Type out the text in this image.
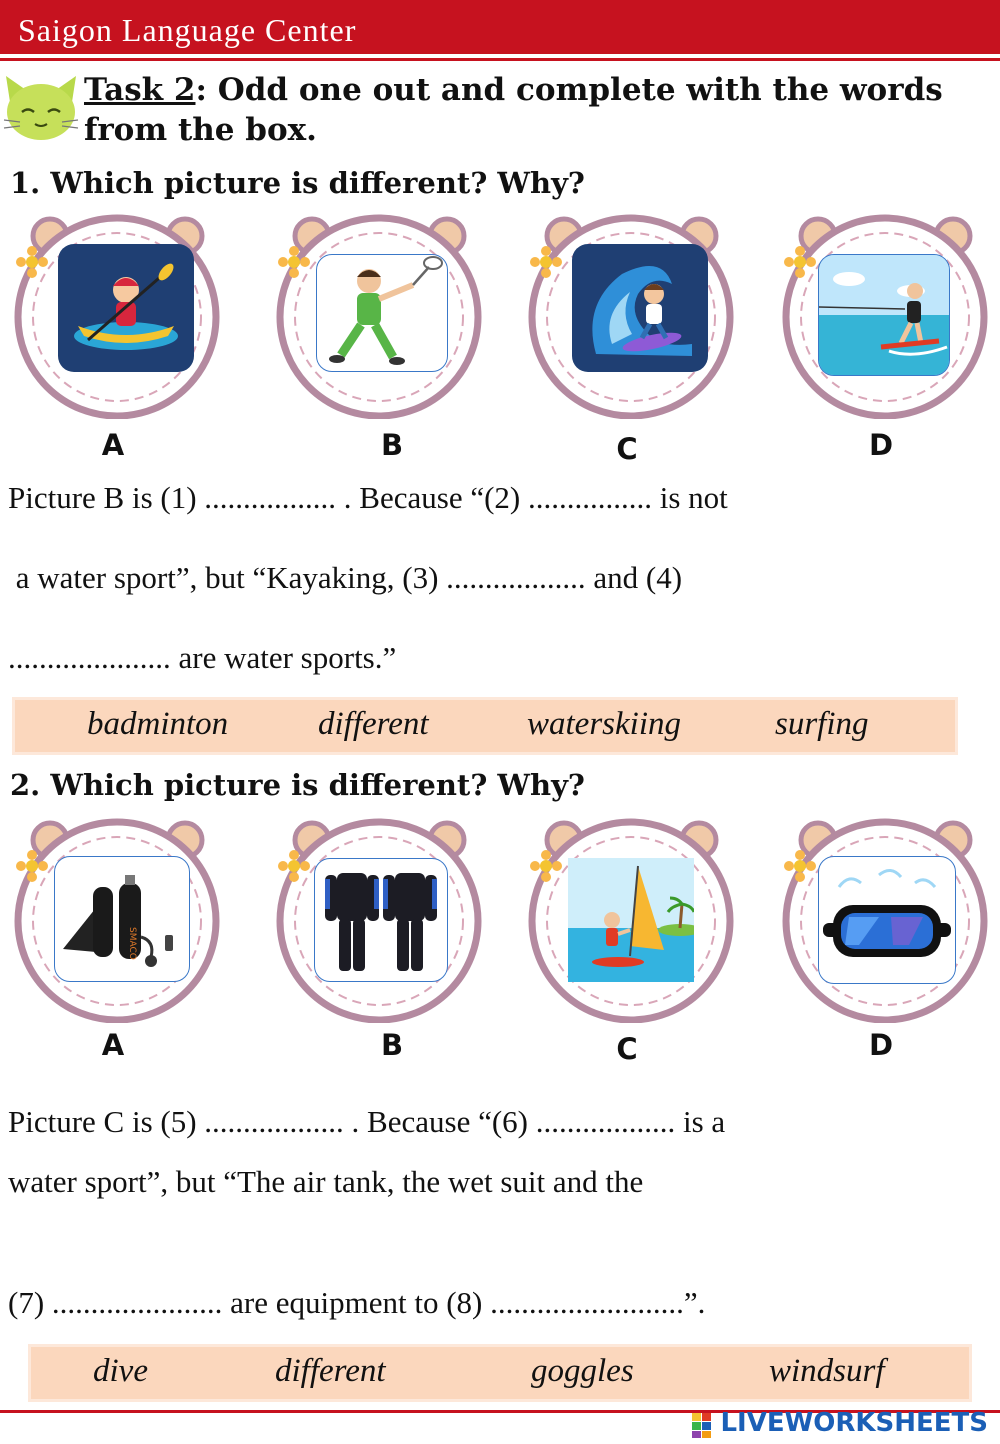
Saigon Language Center
Task 2: Odd one out and complete with the words from the box.
1. Which picture is different? Why?
A	B	C	D
Picture B is (1) ................. . Because “(2) ................ is not
a water sport”, but “Kayaking, (3) .................. and (4)
..................... are water sports.”
badminton	different	waterskiing	surfing
2. Which picture is different? Why?
SMACO
A	B	C	D
Picture C is (5) .................. . Because “(6) .................. is a
water sport”, but “The air tank, the wet suit and the
(7) ...................... are equipment to (8) .........................”.
dive	different	goggles	windsurf
LIVEWORKSHEETS
